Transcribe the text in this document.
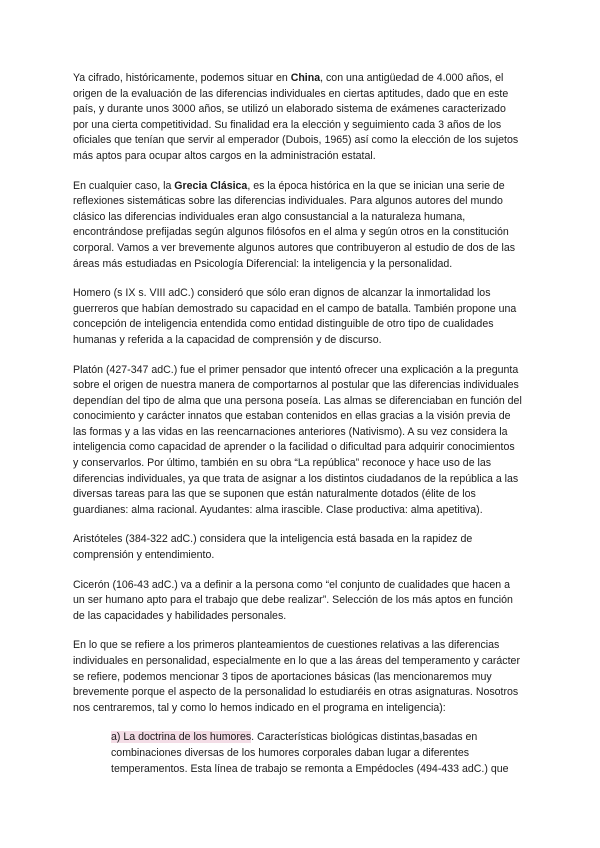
Ya cifrado, históricamente, podemos situar en China, con una antigüedad de 4.000 años, el origen de la evaluación de las diferencias individuales en ciertas aptitudes, dado que en este país, y durante unos 3000 años, se utilizó un elaborado sistema de exámenes caracterizado por una cierta competitividad. Su finalidad era la elección y seguimiento cada 3 años de los oficiales que tenían que servir al emperador (Dubois, 1965) así como la elección de los sujetos más aptos para ocupar altos cargos en la administración estatal.

En cualquier caso, la Grecia Clásica, es la época histórica en la que se inician una serie de reflexiones sistemáticas sobre las diferencias individuales. Para algunos autores del mundo clásico las diferencias individuales eran algo consustancial a la naturaleza humana, encontrándose prefijadas según algunos filósofos en el alma y según otros en la constitución corporal. Vamos a ver brevemente algunos autores que contribuyeron al estudio de dos de las áreas más estudiadas en Psicología Diferencial: la inteligencia y la personalidad.

Homero (s IX s. VIII adC.) consideró que sólo eran dignos de alcanzar la inmortalidad los guerreros que habían demostrado su capacidad en el campo de batalla. También propone una concepción de inteligencia entendida como entidad distinguible de otro tipo de cualidades humanas y referida a la capacidad de comprensión y de discurso.

Platón (427-347 adC.) fue el primer pensador que intentó ofrecer una explicación a la pregunta sobre el origen de nuestra manera de comportarnos al postular que las diferencias individuales dependían del tipo de alma que una persona poseía. Las almas se diferenciaban en función del conocimiento y carácter innatos que estaban contenidos en ellas gracias a la visión previa de las formas y a las vidas en las reencarnaciones anteriores (Nativismo). A su vez considera la inteligencia como capacidad de aprender o la facilidad o dificultad para adquirir conocimientos y conservarlos. Por último, también en su obra “La república” reconoce y hace uso de las diferencias individuales, ya que trata de asignar a los distintos ciudadanos de la república a las diversas tareas para las que se suponen que están naturalmente dotados (élite de los guardianes: alma racional. Ayudantes: alma irascible. Clase productiva: alma apetitiva).

Aristóteles (384-322 adC.) considera que la inteligencia está basada en la rapidez de comprensión y entendimiento.

Cicerón (106-43 adC.) va a definir a la persona como “el conjunto de cualidades que hacen a un ser humano apto para el trabajo que debe realizar”. Selección de los más aptos en función de las capacidades y habilidades personales.

En lo que se refiere a los primeros planteamientos de cuestiones relativas a las diferencias individuales en personalidad, especialmente en lo que a las áreas del temperamento y carácter se refiere, podemos mencionar 3 tipos de aportaciones básicas (las mencionaremos muy brevemente porque el aspecto de la personalidad lo estudiaréis en otras asignaturas. Nosotros nos centraremos, tal y como lo hemos indicado en el programa en inteligencia):

a) La doctrina de los humores. Características biológicas distintas,basadas en combinaciones diversas de los humores corporales daban lugar a diferentes temperamentos. Esta línea de trabajo se remonta a Empédocles (494-433 adC.) que
